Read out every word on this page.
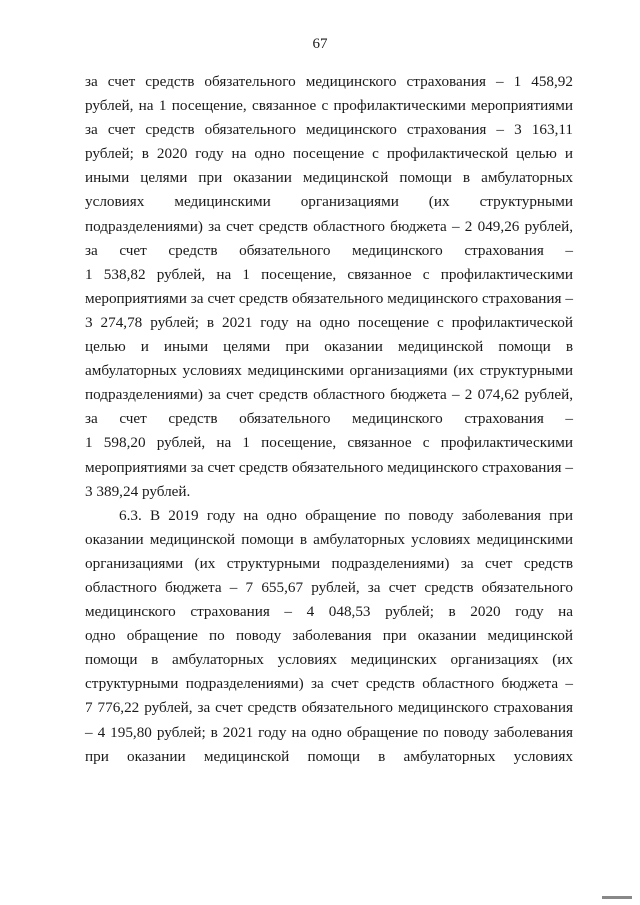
67
за счет средств обязательного медицинского страхования – 1 458,92
рублей, на 1 посещение, связанное с профилактическими мероприятиями
за счет средств обязательного медицинского страхования – 3 163,11
рублей; в 2020 году на одно посещение с профилактической целью и
иными целями при оказании медицинской помощи в амбулаторных
условиях медицинскими организациями (их структурными
подразделениями) за счет средств областного бюджета – 2 049,26 рублей,
за счет средств обязательного медицинского страхования –
1 538,82 рублей, на 1 посещение, связанное с профилактическими
мероприятиями за счет средств обязательного медицинского страхования –
3 274,78 рублей; в 2021 году на одно посещение с профилактической
целью и иными целями при оказании медицинской помощи в
амбулаторных условиях медицинскими организациями (их структурными
подразделениями) за счет средств областного бюджета – 2 074,62 рублей,
за счет средств обязательного медицинского страхования –
1 598,20 рублей, на 1 посещение, связанное с профилактическими
мероприятиями за счет средств обязательного медицинского страхования –
3 389,24 рублей.
6.3. В 2019 году на одно обращение по поводу заболевания при
оказании медицинской помощи в амбулаторных условиях медицинскими
организациями (их структурными подразделениями) за счет средств
областного бюджета – 7 655,67 рублей, за счет средств обязательного
медицинского страхования – 4 048,53 рублей; в 2020 году на
одно обращение по поводу заболевания при оказании медицинской
помощи в амбулаторных условиях медицинских организациях (их
структурными подразделениями) за счет средств областного бюджета –
7 776,22 рублей, за счет средств обязательного медицинского страхования
– 4 195,80 рублей; в 2021 году на одно обращение по поводу заболевания
при оказании медицинской помощи в амбулаторных условиях
